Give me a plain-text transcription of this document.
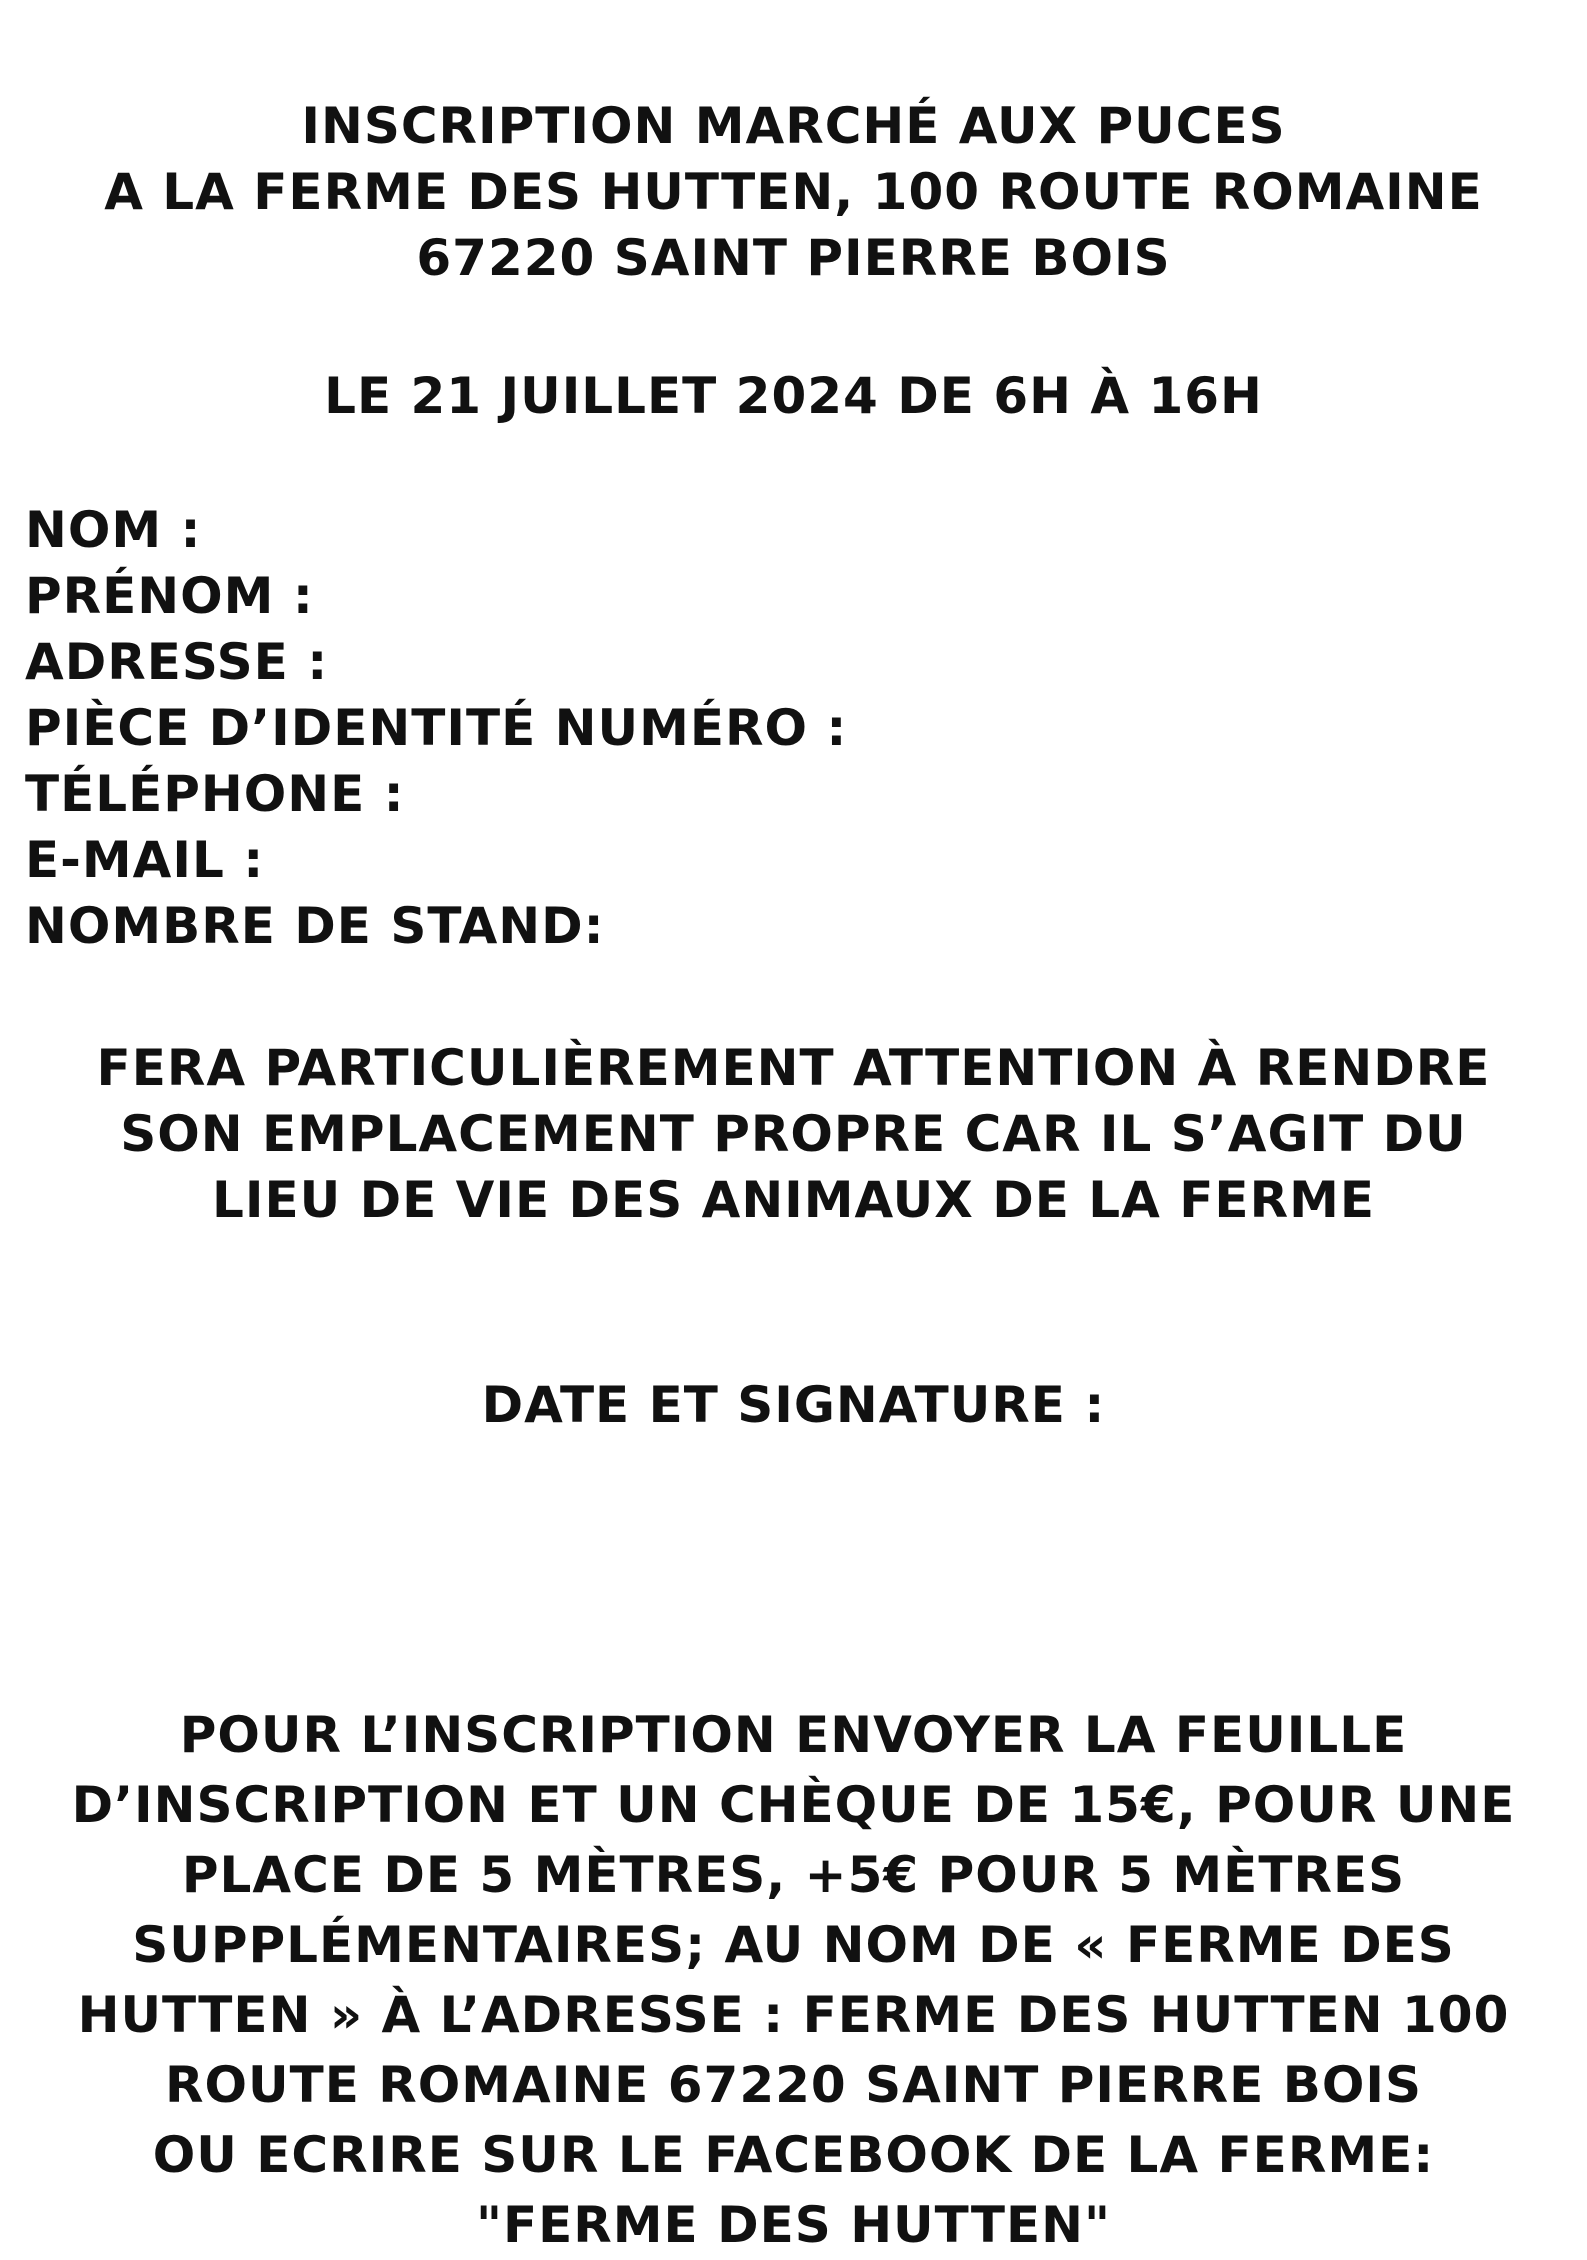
INSCRIPTION MARCHÉ AUX PUCES
A LA FERME DES HUTTEN, 100 ROUTE ROMAINE
67220 SAINT PIERRE BOIS
LE 21 JUILLET 2024 DE 6H À 16H
NOM :
PRÉNOM :
ADRESSE :
PIÈCE D’IDENTITÉ NUMÉRO :
TÉLÉPHONE :
E-MAIL :
NOMBRE DE STAND:
FERA PARTICULIÈREMENT ATTENTION À RENDRE
SON EMPLACEMENT PROPRE CAR IL S’AGIT DU
LIEU DE VIE DES ANIMAUX DE LA FERME
DATE ET SIGNATURE :
POUR L’INSCRIPTION ENVOYER LA FEUILLE
D’INSCRIPTION ET UN CHÈQUE DE 15€, POUR UNE
PLACE DE 5 MÈTRES, +5€ POUR 5 MÈTRES
SUPPLÉMENTAIRES; AU NOM DE « FERME DES
HUTTEN » À L’ADRESSE : FERME DES HUTTEN 100
ROUTE ROMAINE 67220 SAINT PIERRE BOIS
OU ECRIRE SUR LE FACEBOOK DE LA FERME:
"FERME DES HUTTEN"
